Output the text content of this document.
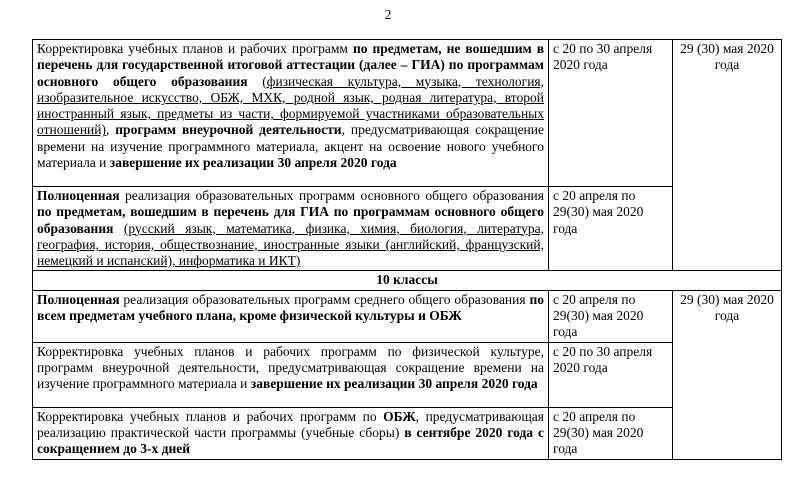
2
Корректировка учебных планов и рабочих программ по предметам, не вошедшим в перечень для государственной итоговой аттестации (далее – ГИА) по программам основного общего образования (физическая культура, музыка, технология, изобразительное искусство, ОБЖ, МХК, родной язык, родная литература, второй иностранный язык, предметы из части, формируемой участниками образовательных отношений), программ внеурочной деятельности, предусматривающая сокращение времени на изучение программного материала, акцент на освоение нового учебного материала и завершение их реализации 30 апреля 2020 года	с 20 по 30 апреля 2020 года	29 (30) мая 2020 года
Полноценная реализация образовательных программ основного общего образования по предметам, вошедшим в перечень для ГИА по программам основного общего образования (русский язык, математика, физика, химия, биология, литература, география, история, обществознание, иностранные языки (английский, французский, немецкий и испанский), информатика и ИКТ)	с 20 апреля по 29(30) мая 2020 года	
10 классы		
Полноценная реализация образовательных программ среднего общего образования по всем предметам учебного плана, кроме физической культуры и ОБЖ	с 20 апреля по 29(30) мая 2020 года	29 (30) мая 2020 года
Корректировка учебных планов и рабочих программ по физической культуре, программ внеурочной деятельности, предусматривающая сокращение времени на изучение программного материала и завершение их реализации 30 апреля 2020 года	с 20 по 30 апреля 2020 года	
Корректировка учебных планов и рабочих программ по ОБЖ, предусматривающая реализацию практической части программы (учебные сборы) в сентябре 2020 года с сокращением до 3-х дней	с 20 апреля по 29(30) мая 2020 года	
